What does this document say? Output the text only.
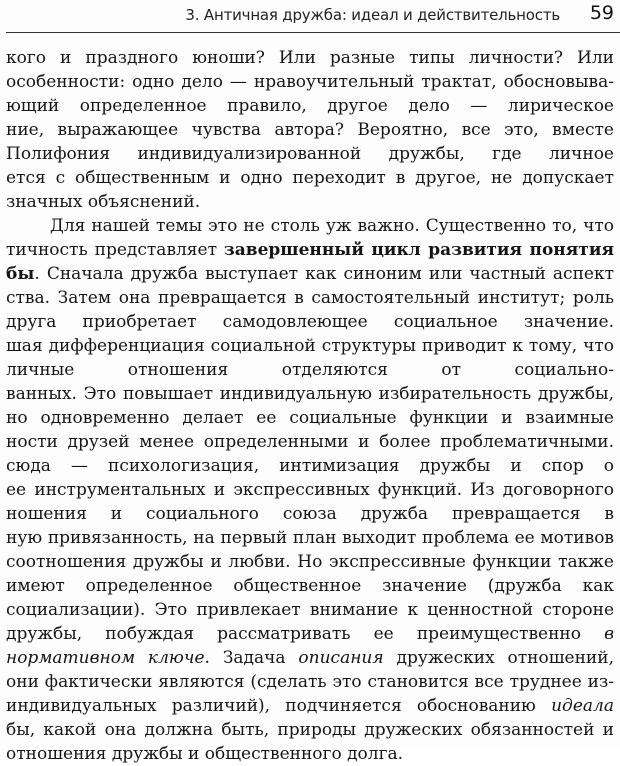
3. Античная дружба: идеал и действительность 59
кого и праздного юноши? Или разные типы личности? Или
особенности: одно дело — нравоучительный трактат, обосновыва-
ющий определенное правило, другое дело — лирическое
ние, выражающее чувства автора? Вероятно, все это, вместе
Полифония индивидуализированной дружбы, где личное
ется с общественным и одно переходит в другое, не допускает
значных объяснений.
Для нашей темы это не столь уж важно. Существенно то, что
тичность представляет завершенный цикл развития понятия
бы. Сначала дружба выступает как синоним или частный аспект
ства. Затем она превращается в самостоятельный институт; роль
друга приобретает самодовлеющее социальное значение.
шая дифференциация социальной структуры приводит к тому, что
личные отношения отделяются от социально-
ванных. Это повышает индивидуальную избирательность дружбы,
но одновременно делает ее социальные функции и взаимные
ности друзей менее определенными и более проблематичными.
сюда — психологизация, интимизация дружбы и спор о
ее инструментальных и экспрессивных функций. Из договорного
ношения и социального союза дружба превращается в
ную привязанность, на первый план выходит проблема ее мотивов
соотношения дружбы и любви. Но экспрессивные функции также
имеют определенное общественное значение (дружба как
социализации). Это привлекает внимание к ценностной стороне
дружбы, побуждая рассматривать ее преимущественно в
нормативном ключе. Задача описания дружеских отношений,
они фактически являются (сделать это становится все труднее из-
индивидуальных различий), подчиняется обоснованию идеала
бы, какой она должна быть, природы дружеских обязанностей и
отношения дружбы и общественного долга.
